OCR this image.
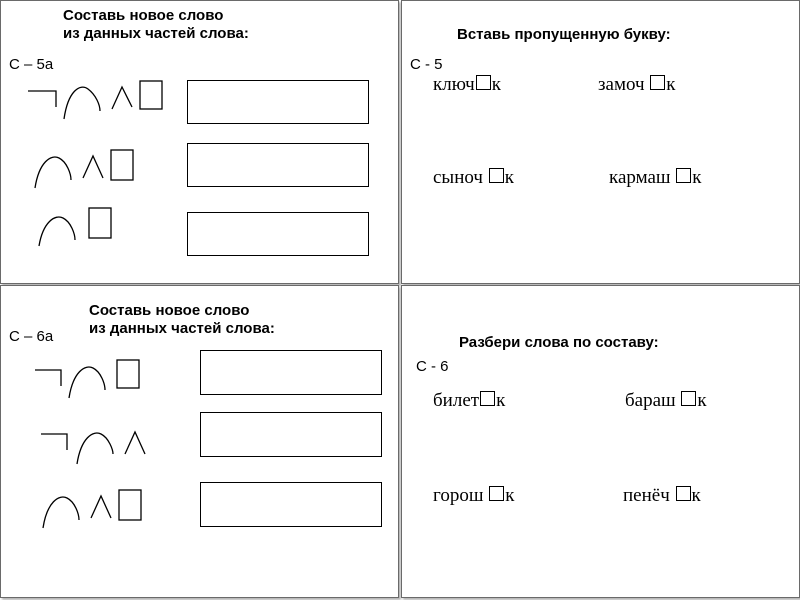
Составь новое слово
из данных частей слова:
С – 5а
Вставь пропущенную букву:
С - 5
ключ к	замоч к
сыноч к	кармаш к
Составь новое слово
из данных частей слова:
С – 6а	Разбери слова по составу:
С - 6
билет к	бараш к
горош к	пенёч к
